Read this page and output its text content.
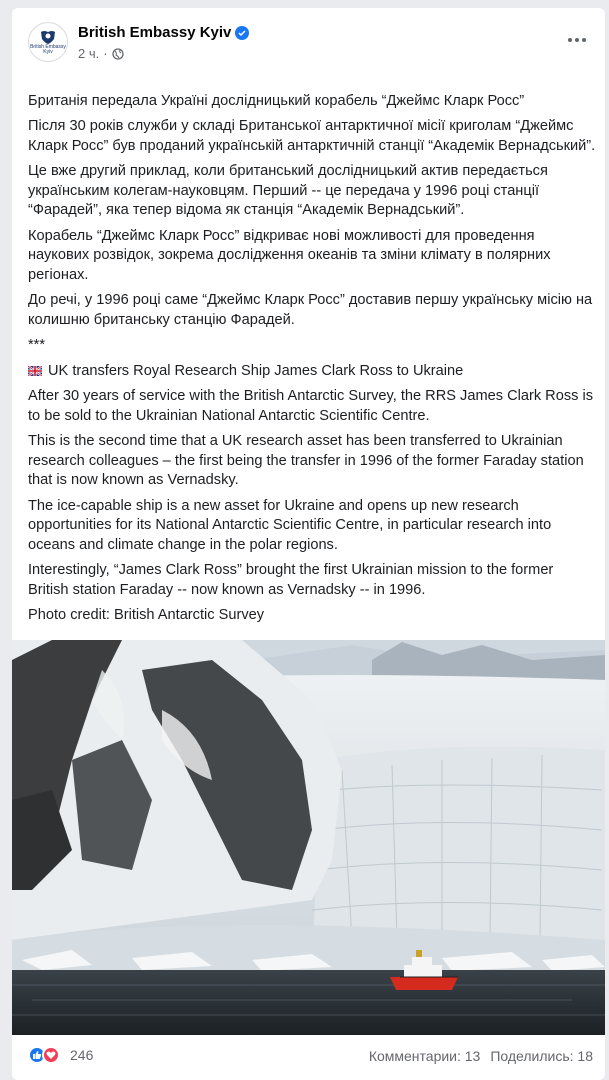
British Embassy
Kyiv
British Embassy Kyiv
2 ч. ·

Британія передала Україні дослідницький корабель “Джеймс Кларк Росс”

Після 30 років служби у складі Британської антарктичної місії криголам “Джеймс Кларк Росс” був проданий українській антарктичній станції “Академік Вернадський”.

Це вже другий приклад, коли британський дослідницький актив передається українським колегам-науковцям. Перший -- це передача у 1996 році станції “Фарадей”, яка тепер відома як станція “Академік Вернадський”.

Корабель “Джеймс Кларк Росс” відкриває нові можливості для проведення наукових розвідок, зокрема дослідження океанів та зміни клімату в полярних регіонах.

До речі, у 1996 році саме “Джеймс Кларк Росс” доставив першу українську місію на колишню британську станцію Фарадей.

***

UK transfers Royal Research Ship James Clark Ross to Ukraine

After 30 years of service with the British Antarctic Survey, the RRS James Clark Ross is to be sold to the Ukrainian National Antarctic Scientific Centre.

This is the second time that a UK research asset has been transferred to Ukrainian research colleagues – the first being the transfer in 1996 of the former Faraday station that is now known as Vernadsky.

The ice-capable ship is a new asset for Ukraine and opens up new research opportunities for its National Antarctic Scientific Centre, in particular research into oceans and climate change in the polar regions.

Interestingly, “James Clark Ross” brought the first Ukrainian mission to the former British station Faraday -- now known as Vernadsky -- in 1996.

Photo credit: British Antarctic Survey

246	Комментарии: 13 Поделились: 18
